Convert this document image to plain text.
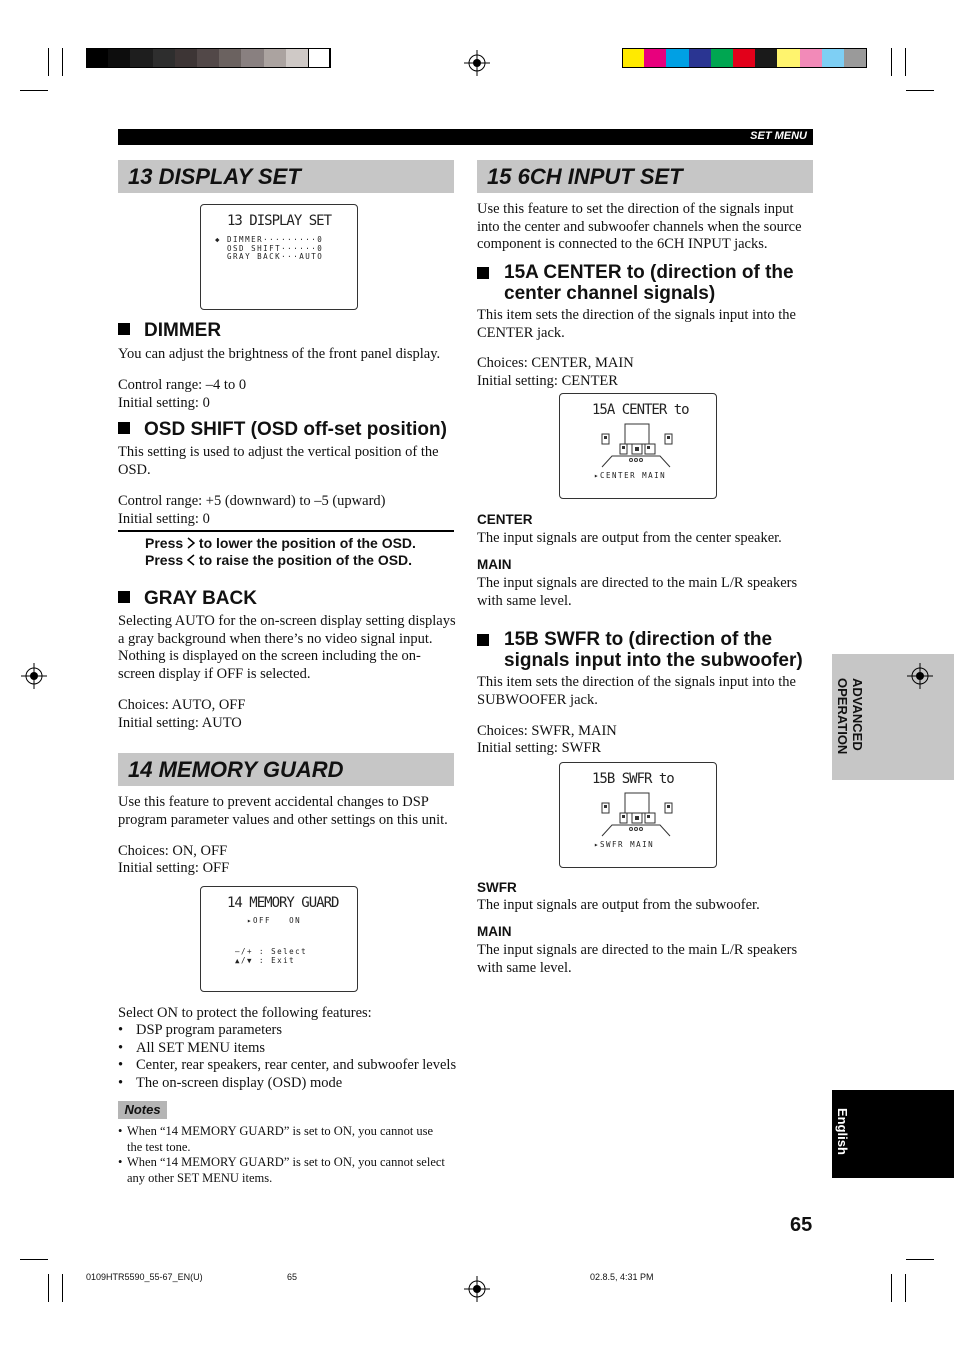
SET MENU
13 DISPLAY SET
13 DISPLAY SET
◆ DIMMER·········0
OSD SHIFT······0
GRAY BACK···AUTO
DIMMER
You can adjust the brightness of the front panel display.
Control range: –4 to 0
Initial setting: 0
OSD SHIFT (OSD off-set position)
This setting is used to adjust the vertical position of the
OSD.
Control range: +5 (downward) to –5 (upward)
Initial setting: 0
Press  to lower the position of the OSD.
Press  to raise the position of the OSD.
GRAY BACK
Selecting AUTO for the on-screen display setting displays
a gray background when there’s no video signal input.
Nothing is displayed on the screen including the on-
screen display if OFF is selected.
Choices: AUTO, OFF
Initial setting: AUTO
14 MEMORY GUARD
Use this feature to prevent accidental changes to DSP
program parameter values and other settings on this unit.
Choices: ON, OFF
Initial setting: OFF
14 MEMORY GUARD
▸OFF   ON
–/+ : Select
▲/▼ : Exit
Select ON to protect the following features:
• DSP program parameters
• All SET MENU items
• Center, rear speakers, rear center, and subwoofer levels
• The on-screen display (OSD) mode
Notes
• When “14 MEMORY GUARD” is set to ON, you cannot use
the test tone.
• When “14 MEMORY GUARD” is set to ON, you cannot select
any other SET MENU items.
15 6CH INPUT SET
Use this feature to set the direction of the signals input
into the center and subwoofer channels when the source
component is connected to the 6CH INPUT jacks.
15A CENTER to (direction of the
center channel signals)
This item sets the direction of the signals input into the
CENTER jack.
Choices: CENTER, MAIN
Initial setting: CENTER
15A CENTER to
▸CENTER MAIN
CENTER
The input signals are output from the center speaker.
MAIN
The input signals are directed to the main L/R speakers
with same level.
15B SWFR to (direction of the
signals input into the subwoofer)
This item sets the direction of the signals input into the
SUBWOOFER jack.
Choices: SWFR, MAIN
Initial setting: SWFR
15B SWFR to
▸SWFR MAIN
SWFR
The input signals are output from the subwoofer.
MAIN
The input signals are directed to the main L/R speakers
with same level.
ADVANCED
OPERATION
English
65
0109HTR5590_55-67_EN(U)	65	02.8.5, 4:31 PM
